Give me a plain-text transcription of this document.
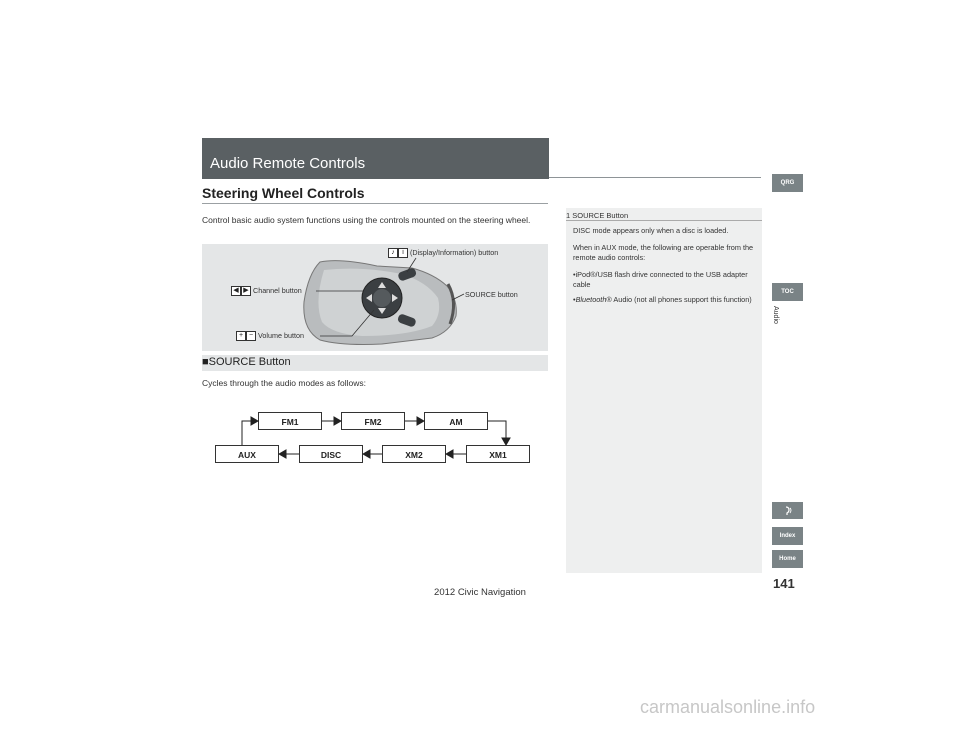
Audio Remote Controls
Steering Wheel Controls
Control basic audio system functions using the controls mounted on the steering wheel.
♪ i (Display/Information) button
◀ ▶ Channel button	SOURCE button
+ − Volume button
■SOURCE Button
Cycles through the audio modes as follows:
FM1	FM2	AM
AUX	DISC	XM2	XM1
1 SOURCE Button
DISC mode appears only when a disc is loaded.
When in AUX mode, the following are operable from the remote audio controls:
•iPod®/USB flash drive connected to the USB adapter cable
•Bluetooth® Audio (not all phones support this function)
QRG
TOC
Audio
Index
Home
141
2012 Civic Navigation
carmanualsonline.info
